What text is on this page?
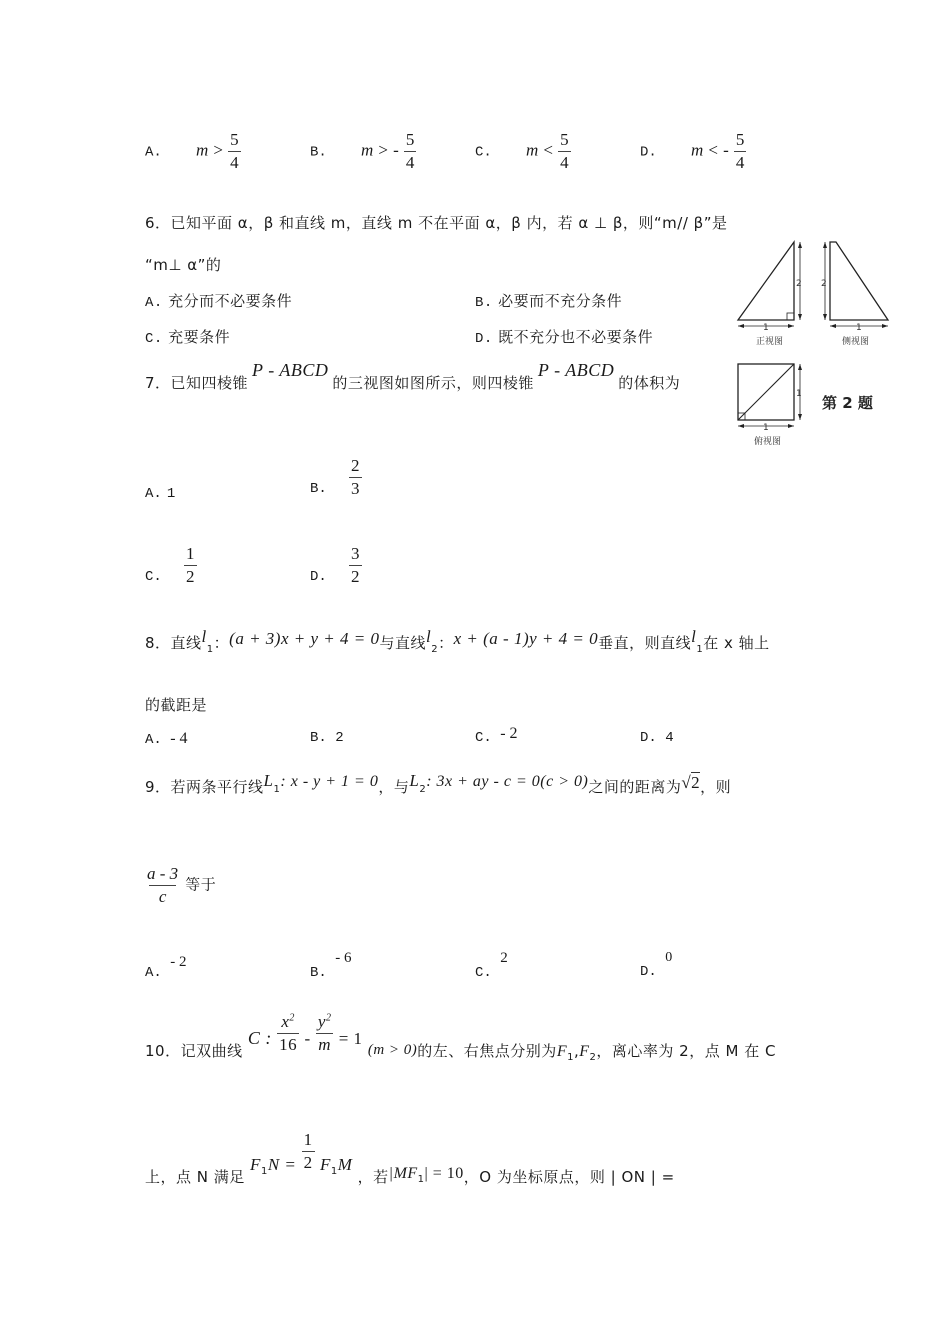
A. $m > \frac{5}{4}$	B. m > - $\frac{5}{4}$	C. $m < \frac{5}{4}$	D. m < - $\frac{5}{4}$
6．已知平面 α，β 和直线 m，直线 m 不在平面 α，β 内，若 α ⊥ β，则“m// β”是
“m⊥ α”的
A. 充分而不必要条件	B. 必要而不充分条件
C. 充要条件	D. 既不充分也不必要条件
2
1
正视图
2
1
侧视图
1
1
俯视图
第 2 题
7．已知四棱锥P - ABCD的三视图如图所示，则四棱锥P - ABCD的体积为
A. 1	B. $\frac{2}{3}$
C. $\frac{1}{2}$	D. $\frac{3}{2}$
8．直线$l_1$：(a + 3)x + y + 4 = 0与直线$l_2$：x + (a - 1)y + 4 = 0垂直，则直线$l_1$在 x 轴上
的截距是
A. - 4	B. 2	C. - 2	D. 4
9．若两条平行线$L_1$: x - y + 1 = 0，与$L_2$: 3x + ay - c = 0(c > 0)之间的距离为√2，则
$\frac{a - 3}{c}$ 等于
A. - 2
B. - 6
C. 2
D. 0
10．记双曲线 C : $\frac{x^2}{16} - \frac{y^2}{m} = 1$ (m > 0)的左、右焦点分别为$F_1,F_2$，离心率为 2，点 M 在 C
上，点 N 满足 $F_1N = \frac{1}{2} F_1M$ ，若$|MF_1| = 10$，O 为坐标原点，则 | ON | =
